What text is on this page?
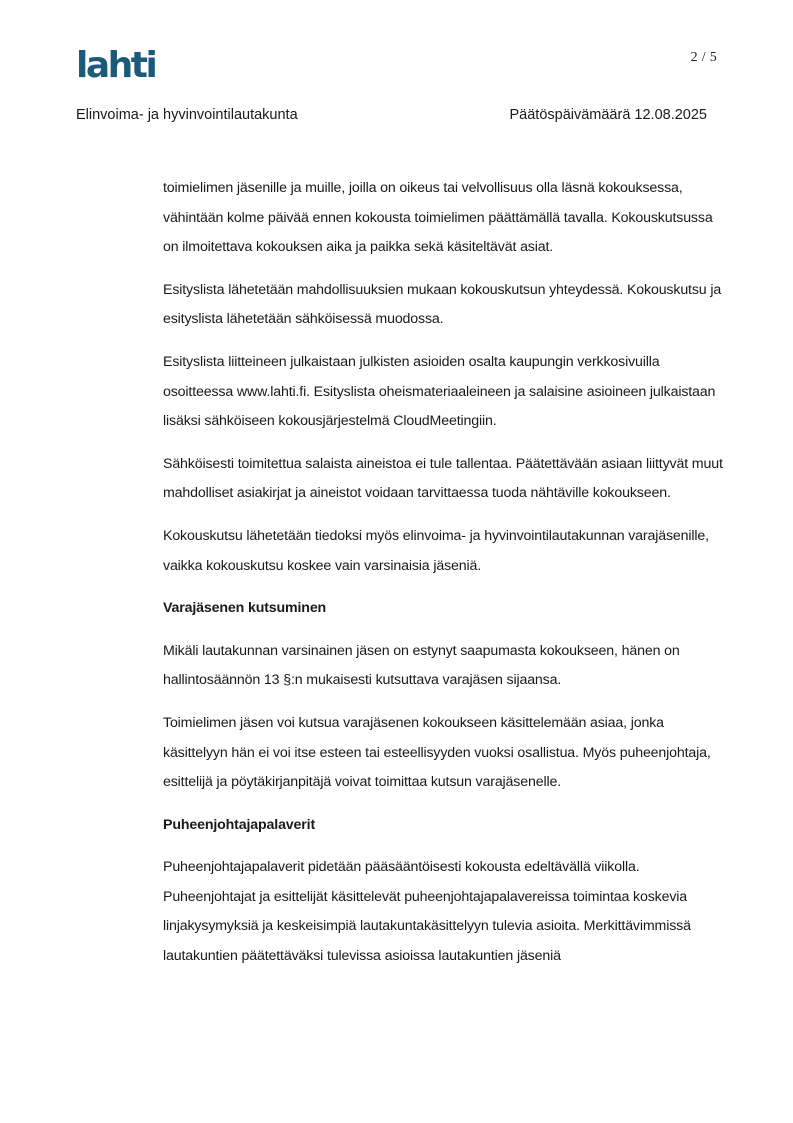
lahti	2 / 5
Elinvoima- ja hyvinvointilautakunta	Päätöspäivämäärä 12.08.2025

toimielimen jäsenille ja muille, joilla on oikeus tai velvollisuus olla läsnä kokouksessa, vähintään kolme päivää ennen kokousta toimielimen päättämällä tavalla. Kokouskutsussa on ilmoitettava kokouksen aika ja paikka sekä käsiteltävät asiat.

Esityslista lähetetään mahdollisuuksien mukaan kokouskutsun yhteydessä. Kokouskutsu ja esityslista lähetetään sähköisessä muodossa.

Esityslista liitteineen julkaistaan julkisten asioiden osalta kaupungin verkkosivuilla osoitteessa www.lahti.fi. Esityslista oheismateriaaleineen ja salaisine asioineen julkaistaan lisäksi sähköiseen kokousjärjestelmä CloudMeetingiin.

Sähköisesti toimitettua salaista aineistoa ei tule tallentaa. Päätettävään asiaan liittyvät muut mahdolliset asiakirjat ja aineistot voidaan tarvittaessa tuoda nähtäville kokoukseen.

Kokouskutsu lähetetään tiedoksi myös elinvoima- ja hyvinvointilautakunnan varajäsenille, vaikka kokouskutsu koskee vain varsinaisia jäseniä.

Varajäsenen kutsuminen

Mikäli lautakunnan varsinainen jäsen on estynyt saapumasta kokoukseen, hänen on hallintosäännön 13 §:n mukaisesti kutsuttava varajäsen sijaansa.

Toimielimen jäsen voi kutsua varajäsenen kokoukseen käsittelemään asiaa, jonka käsittelyyn hän ei voi itse esteen tai esteellisyyden vuoksi osallistua. Myös puheenjohtaja, esittelijä ja pöytäkirjanpitäjä voivat toimittaa kutsun varajäsenelle.

Puheenjohtajapalaverit

Puheenjohtajapalaverit pidetään pääsääntöisesti kokousta edeltävällä viikolla. Puheenjohtajat ja esittelijät käsittelevät puheenjohtajapalavereissa toimintaa koskevia linjakysymyksiä ja keskeisimpiä lautakuntakäsittelyyn tulevia asioita. Merkittävimmissä lautakuntien päätettäväksi tulevissa asioissa lautakuntien jäseniä
